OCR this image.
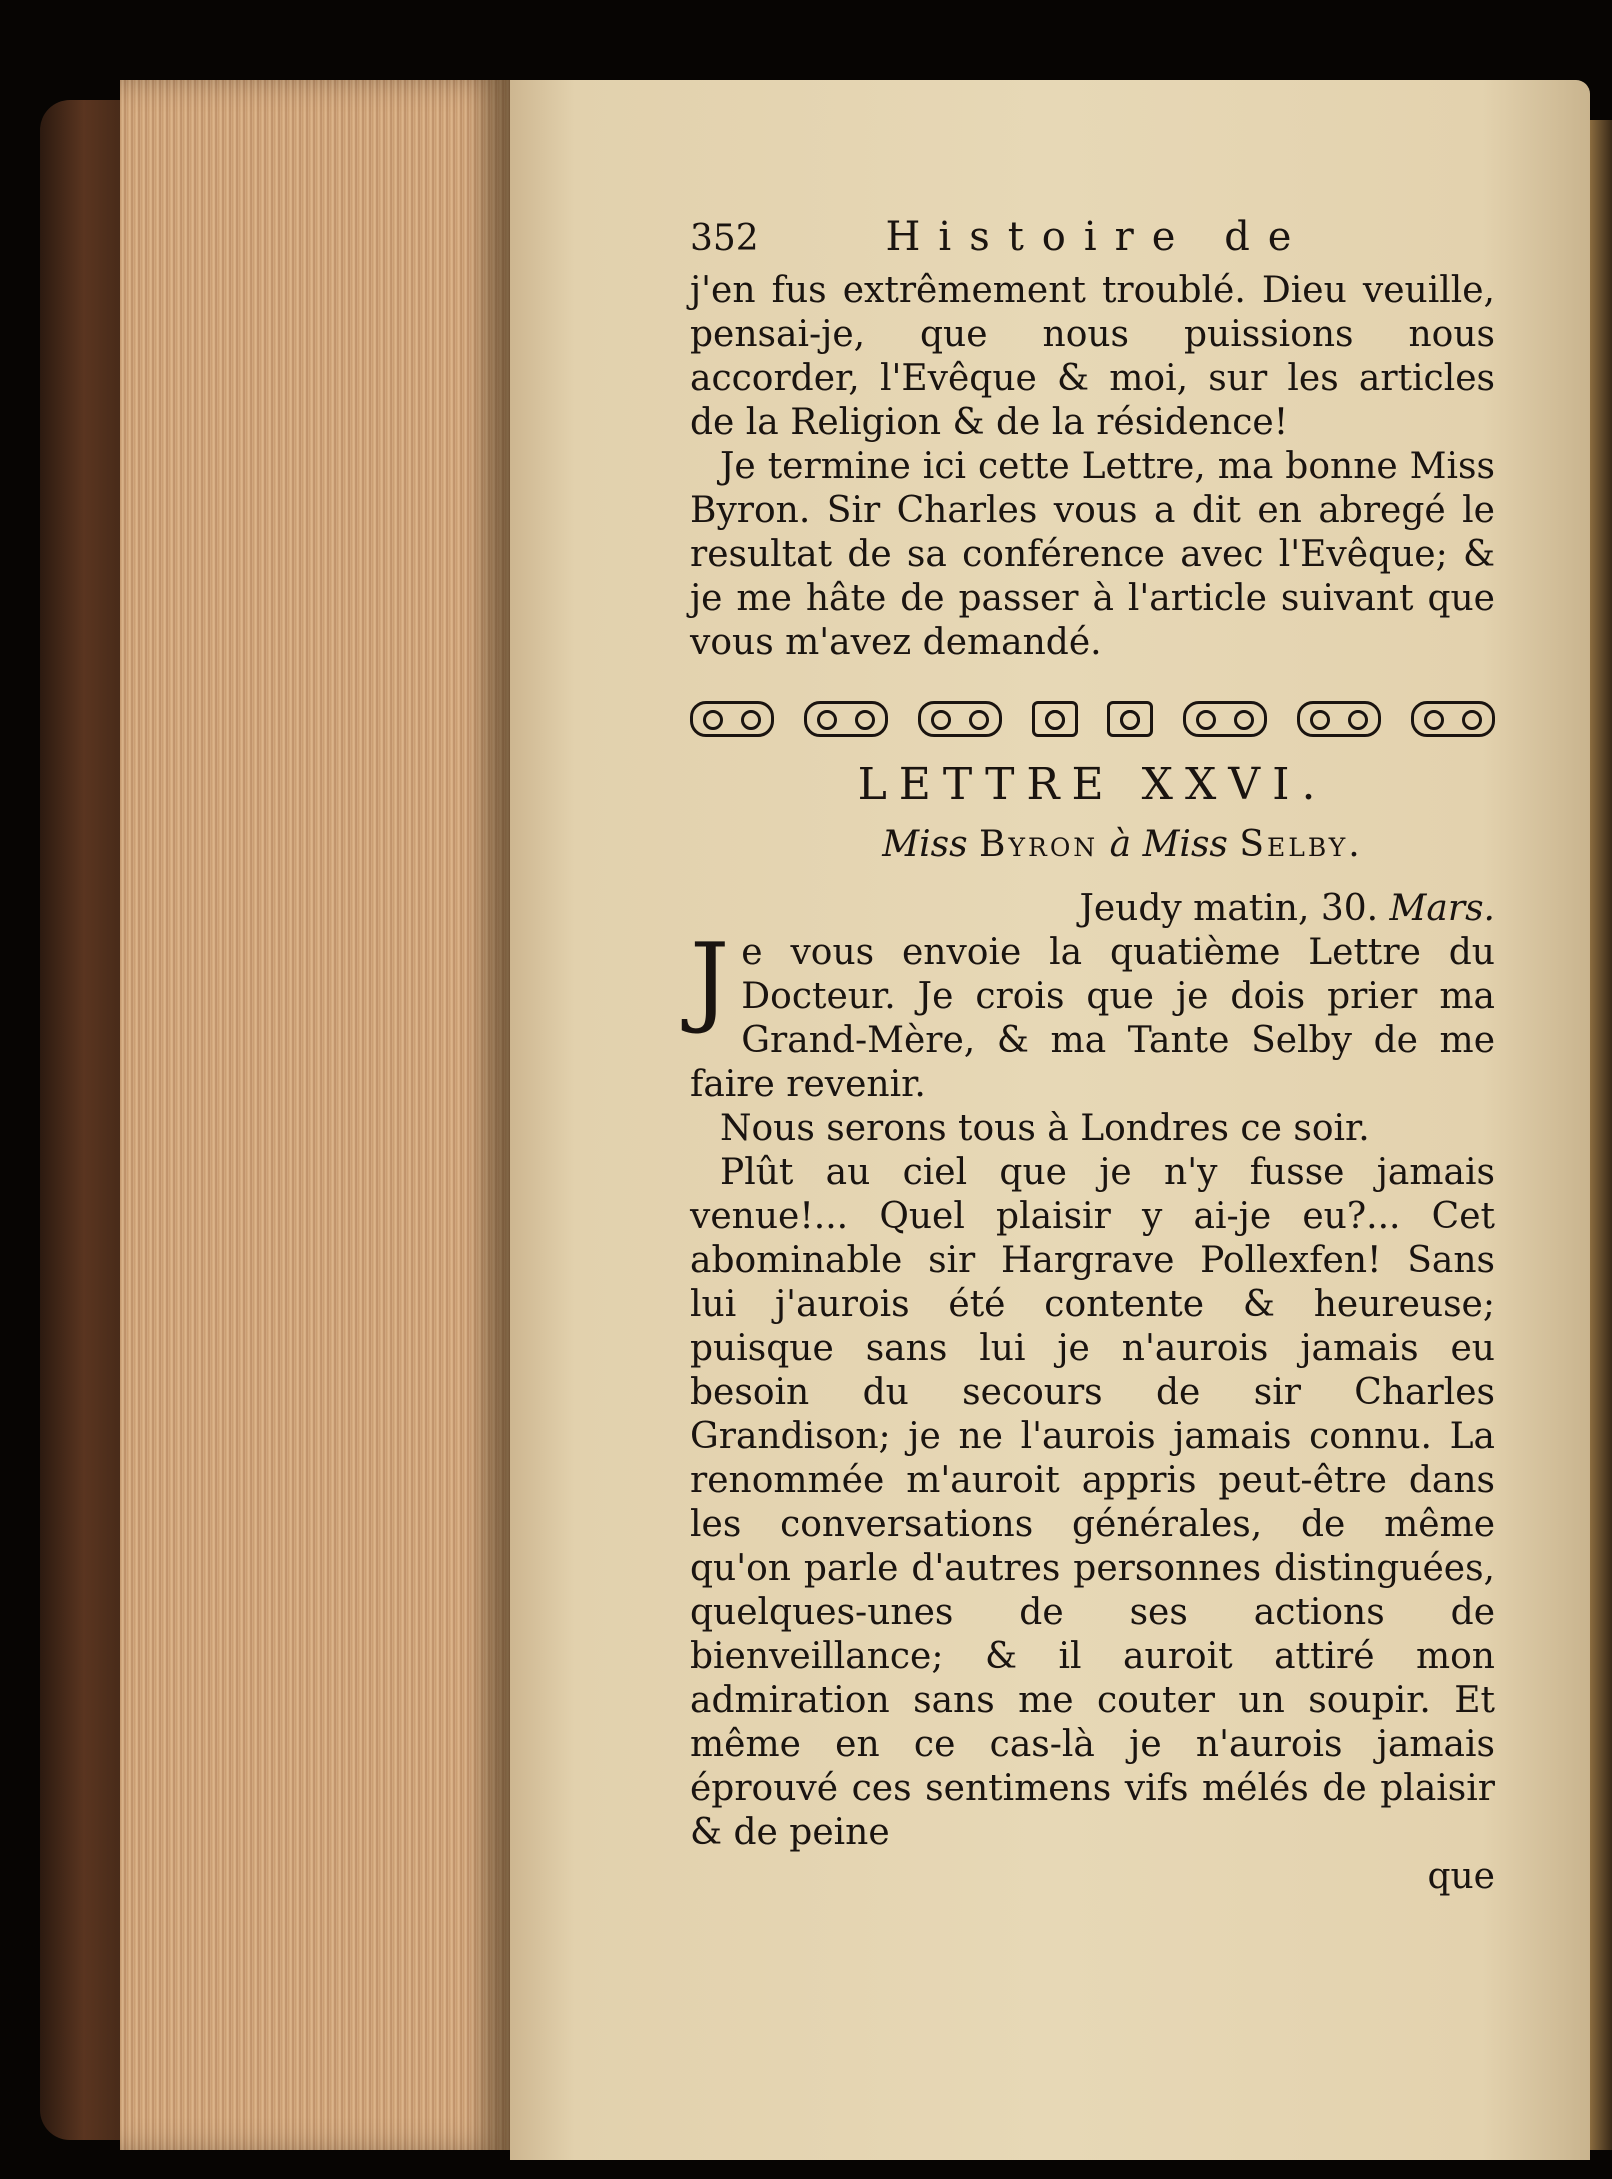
352	Histoire de

j'en fus extrêmement troublé. Dieu veuille, pensai-je, que nous puissions nous accorder, l'Evêque & moi, sur les articles de la Religion & de la résidence!

Je termine ici cette Lettre, ma bonne Miss Byron. Sir Charles vous a dit en abregé le resultat de sa conférence avec l'Evêque; & je me hâte de passer à l'article suivant que vous m'avez demandé.

LETTRE XXVI.
Miss Byron à Miss Selby.

Jeudy matin, 30. Mars.

J e vous envoie la quatième Lettre du Docteur. Je crois que je dois prier ma Grand-Mère, & ma Tante Selby de me faire revenir.

Nous serons tous à Londres ce soir.

Plût au ciel que je n'y fusse jamais venue!... Quel plaisir y ai-je eu?... Cet abominable sir Hargrave Pollexfen! Sans lui j'aurois été contente & heureuse; puisque sans lui je n'aurois jamais eu besoin du secours de sir Charles Grandison; je ne l'aurois jamais connu. La renommée m'auroit appris peut-être dans les conversations générales, de même qu'on parle d'autres personnes distinguées, quelques-unes de ses actions de bienveillance; & il auroit attiré mon admiration sans me couter un soupir. Et même en ce cas-là je n'aurois jamais éprouvé ces sentimens vifs mélés de plaisir & de peine

que
